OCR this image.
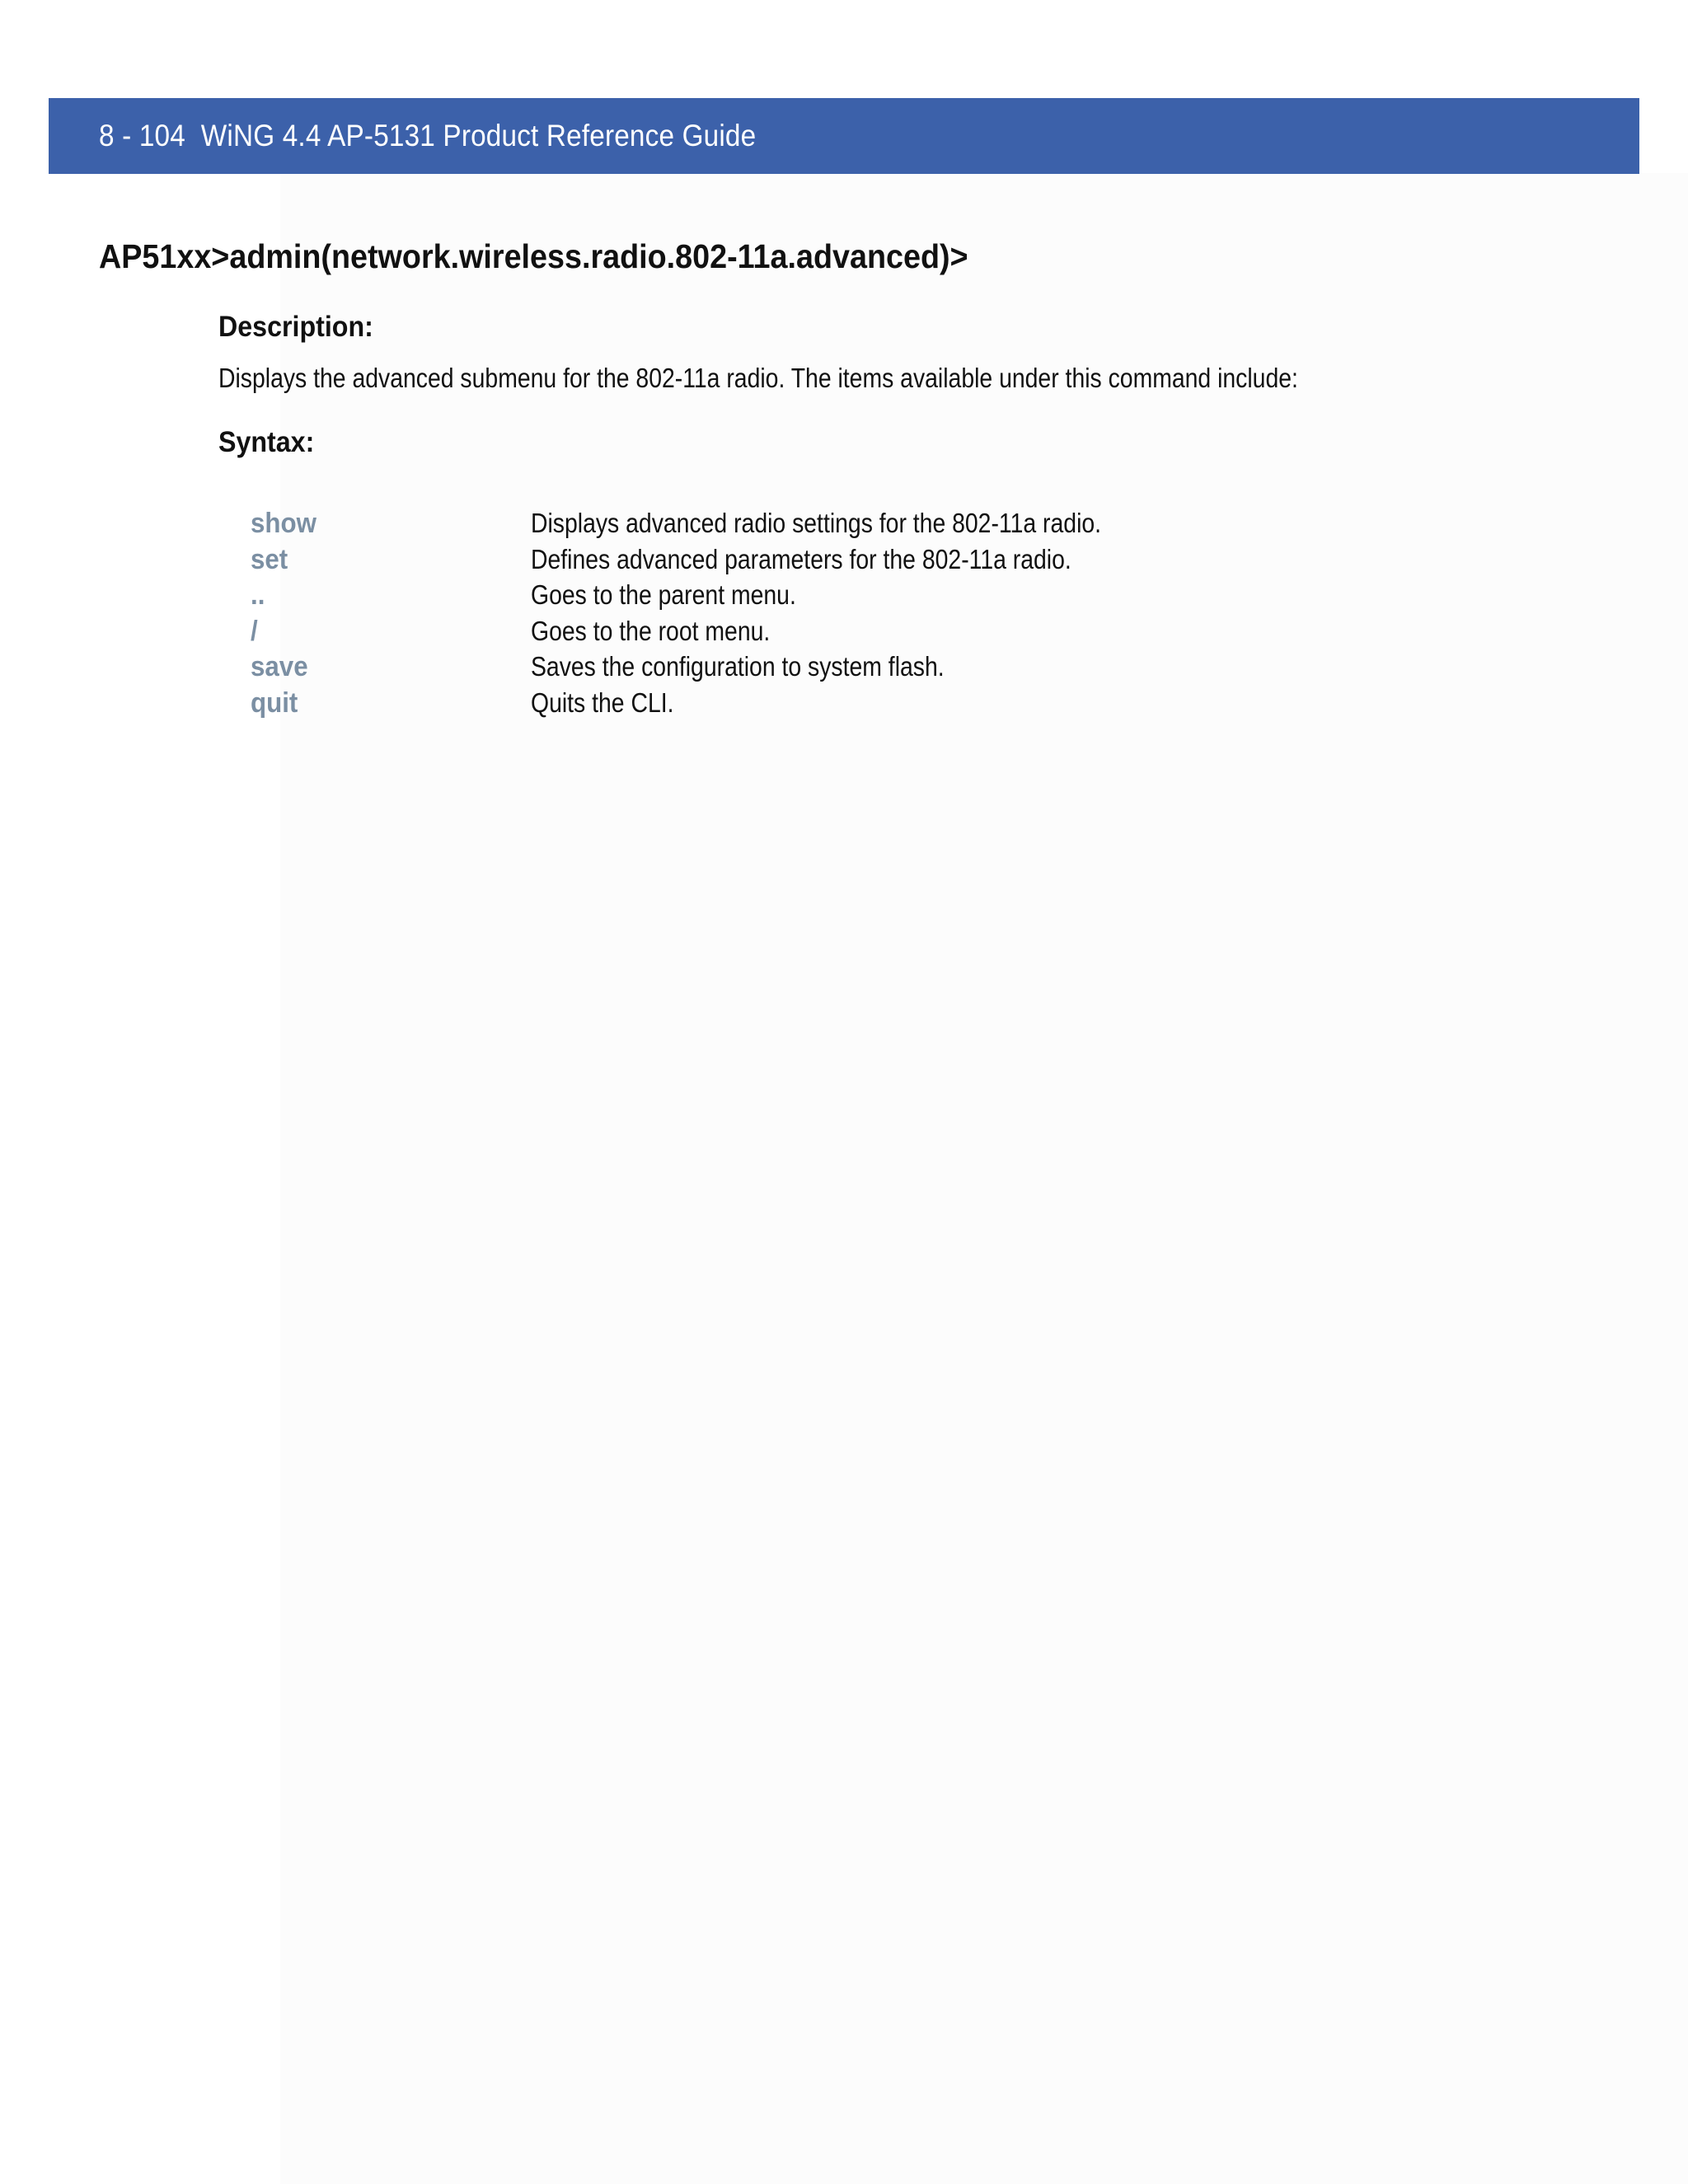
8 - 104  WiNG 4.4 AP-5131 Product Reference Guide
AP51xx>admin(network.wireless.radio.802-11a.advanced)>
Description:

Displays the advanced submenu for the 802-11a radio. The items available under this command include:

Syntax:
show	Displays advanced radio settings for the 802-11a radio.
set	Defines advanced parameters for the 802-11a radio.
..	Goes to the parent menu.
/	Goes to the root menu.
save	Saves the configuration to system flash.
quit	Quits the CLI.
